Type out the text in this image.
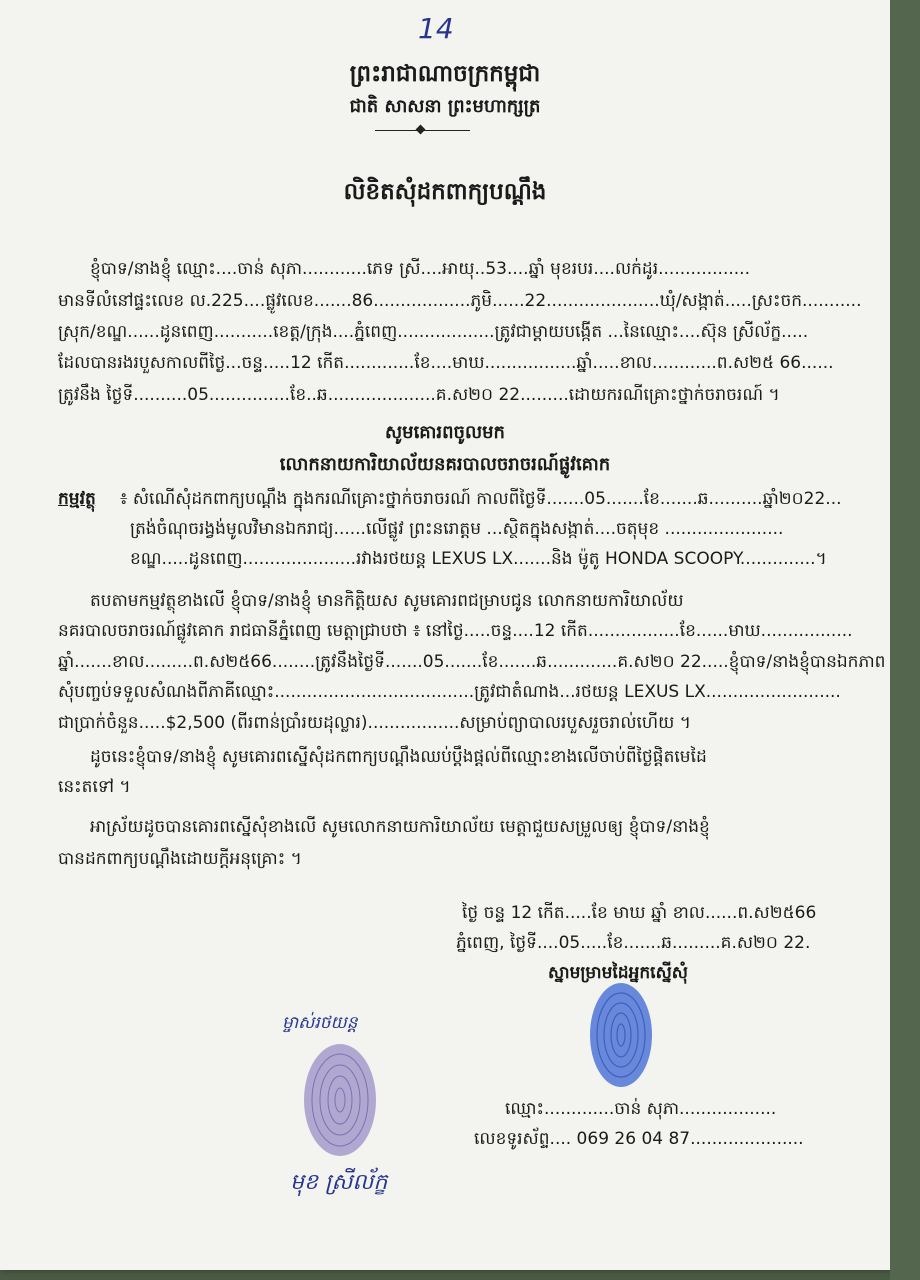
14
ព្រះរាជាណាចក្រកម្ពុជា
ជាតិ សាសនា ព្រះមហាក្សត្រ
លិខិតសុំដកពាក្យបណ្ដឹង
ខ្ញុំបាទ/នាងខ្ញុំ ឈ្មោះ....ចាន់ សុភា............ភេទ ស្រី....អាយុ..53....ឆ្នាំ មុខរបរ....លក់ដូរ.................
មានទីលំនៅផ្ទះលេខ ល.225....ផ្លូវលេខ.......86..................ភូមិ......22.....................ឃុំ/សង្កាត់.....ស្រះចក...........
ស្រុក/ខណ្ឌ......ដូនពេញ...........ខេត្ត/ក្រុង....ភ្នំពេញ..................ត្រូវជាម្ដាយបង្កើត ...នៃឈ្មោះ....ស៊ុន ស្រីល័ក្ខ.....
ដែលបានរងរបួសកាលពីថ្ងៃ...ចន្ទ.....12 កើត.............ខែ....មាឃ.................ឆ្នាំ.....ខាល............ព.ស២៥ 66......
ត្រូវនឹង ថ្ងៃទី..........05...............ខែ..ឆ....................គ.ស២០ 22.........ដោយករណីគ្រោះថ្នាក់ចរាចរណ៍ ។
សូមគោរពចូលមក
លោកនាយការិយាល័យនគរបាលចរាចរណ៍ផ្លូវគោក
កម្មវត្ថុ ៖ សំណើសុំដកពាក្យបណ្ដឹង ក្នុងករណីគ្រោះថ្នាក់ចរាចរណ៍ កាលពីថ្ងៃទី.......05.......ខែ.......ឆ..........ឆ្នាំ២០22...
ត្រង់ចំណុចរង្វង់មូលវិមានឯករាជ្យ......លើផ្លូវ ព្រះនរោត្តម ...ស្ថិតក្នុងសង្កាត់....ចតុមុខ ......................
ខណ្ឌ.....ដូនពេញ.....................រវាងរថយន្ត LEXUS LX.......និង ម៉ូតូ HONDA SCOOPY..............។
តបតាមកម្មវត្ថុខាងលើ ខ្ញុំបាទ/នាងខ្ញុំ មានកិត្តិយស សូមគោរពជម្រាបជូន លោកនាយការិយាល័យ
នគរបាលចរាចរណ៍ផ្លូវគោក រាជធានីភ្នំពេញ មេត្តាជ្រាបថា ៖ នៅថ្ងៃ.....ចន្ទ....12 កើត.................ខែ......មាឃ.................
ឆ្នាំ.......ខាល.........ព.ស២៥66........ត្រូវនឹងថ្ងៃទី.......05.......ខែ.......ឆ.............គ.ស២០ 22.....ខ្ញុំបាទ/នាងខ្ញុំបានឯកភាព
សុំបញ្ចប់ទទួលសំណងពីភាគីឈ្មោះ.....................................ត្រូវជាតំណាង...រថយន្ត LEXUS LX.........................
ជាប្រាក់ចំនួន.....$2,500 (ពីរពាន់ប្រាំរយដុល្លារ).................សម្រាប់ព្យាបាលរបួសរួចរាល់ហើយ ។
ដូចនេះខ្ញុំបាទ/នាងខ្ញុំ សូមគោរពស្នើសុំដកពាក្យបណ្ដឹងឈប់ប្ដឹងផ្ដល់ពីឈ្មោះខាងលើចាប់ពីថ្ងៃផ្ដិតមេដៃ
នេះតទៅ ។
អាស្រ័យដូចបានគោរពស្នើសុំខាងលើ សូមលោកនាយការិយាល័យ មេត្តាជួយសម្រួលឲ្យ ខ្ញុំបាទ/នាងខ្ញុំ
បានដកពាក្យបណ្ដឹងដោយក្ដីអនុគ្រោះ ។
ថ្ងៃ ចន្ទ 12 កើត.....ខែ មាឃ ឆ្នាំ ខាល......ព.ស២៥66
ភ្នំពេញ, ថ្ងៃទី....05.....ខែ.......ឆ.........គ.ស២០ 22.
ស្នាមម្រាមដៃអ្នកស្នើសុំ
ឈ្មោះ.............ចាន់ សុភា..................
លេខទូរស័ព្ទ.... 069 26 04 87.....................
ម្ចាស់រថយន្ត
មុខ ស្រីល័ក្ខ
